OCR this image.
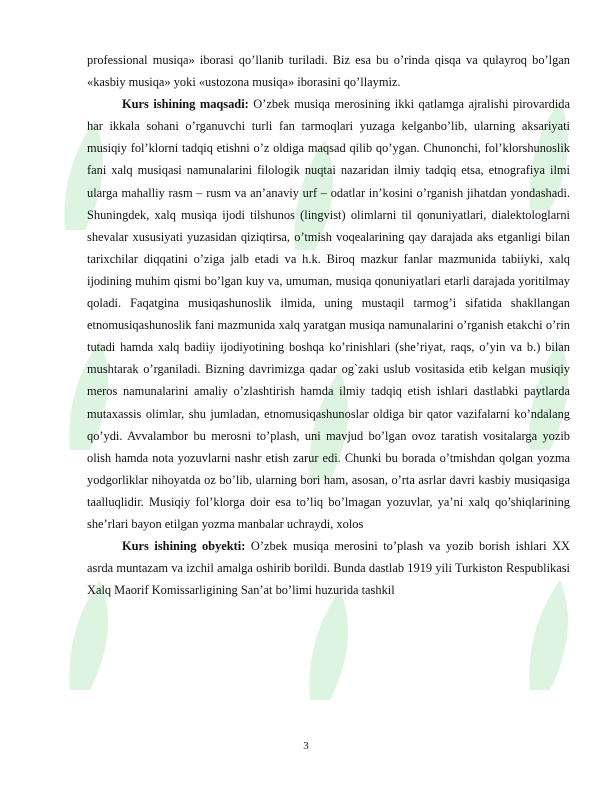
professional musiqa» iborasi qo’llanib turiladi. Biz esa bu o’rinda qisqa va qulayroq bo’lgan «kasbiy musiqa» yoki «ustozona musiqa» iborasini qo’llaymiz.

Kurs ishining maqsadi: O’zbek musiqa merosining ikki qatlamga ajralishi pirovardida har ikkala sohani o’rganuvchi turli fan tarmoqlari yuzaga kelganbo’lib, ularning aksariyati musiqiy fol’klorni tadqiq etishni o’z oldiga maqsad qilib qo’ygan. Chunonchi, fol’klorshunoslik fani xalq musiqasi namunalarini filologik nuqtai nazaridan ilmiy tadqiq etsa, etnografiya ilmi ularga mahalliy rasm – rusm va an’anaviy urf – odatlar in’kosini o’rganish jihatdan yondashadi. Shuningdek, xalq musiqa ijodi tilshunos (lingvist) olimlarni til qonuniyatlari, dialektologlarni shevalar xususiyati yuzasidan qiziqtirsa, o’tmish voqealarining qay darajada aks etganligi bilan tarixchilar diqqatini o’ziga jalb etadi va h.k. Biroq mazkur fanlar mazmunida tabiiyki, xalq ijodining muhim qismi bo’lgan kuy va, umuman, musiqa qonuniyatlari etarli darajada yoritilmay qoladi. Faqatgina musiqashunoslik ilmida, uning mustaqil tarmog’i sifatida shakllangan etnomusiqashunoslik fani mazmunida xalq yaratgan musiqa namunalarini o’rganish etakchi o’rin tutadi hamda xalq badiiy ijodiyotining boshqa ko’rinishlari (she’riyat, raqs, o’yin va b.) bilan mushtarak o’rganiladi. Bizning davrimizga qadar og`zaki uslub vositasida etib kelgan musiqiy meros namunalarini amaliy o’zlashtirish hamda ilmiy tadqiq etish ishlari dastlabki paytlarda mutaxassis olimlar, shu jumladan, etnomusiqashunoslar oldiga bir qator vazifalarni ko’ndalang qo’ydi. Avvalambor bu merosni to’plash, uni mavjud bo’lgan ovoz taratish vositalarga yozib olish hamda nota yozuvlarni nashr etish zarur edi. Chunki bu borada o’tmishdan qolgan yozma yodgorliklar nihoyatda oz bo’lib, ularning bori ham, asosan, o’rta asrlar davri kasbiy musiqasiga taalluqlidir. Musiqiy fol’klorga doir esa to’liq bo’lmagan yozuvlar, ya’ni xalq qo’shiqlarining she’rlari bayon etilgan yozma manbalar uchraydi, xolos

Kurs ishining obyekti: O’zbek musiqa merosini to’plash va yozib borish ishlari XX asrda muntazam va izchil amalga oshirib borildi. Bunda dastlab 1919 yili Turkiston Respublikasi Xalq Maorif Komissarligining San’at bo’limi huzurida tashkil

3
